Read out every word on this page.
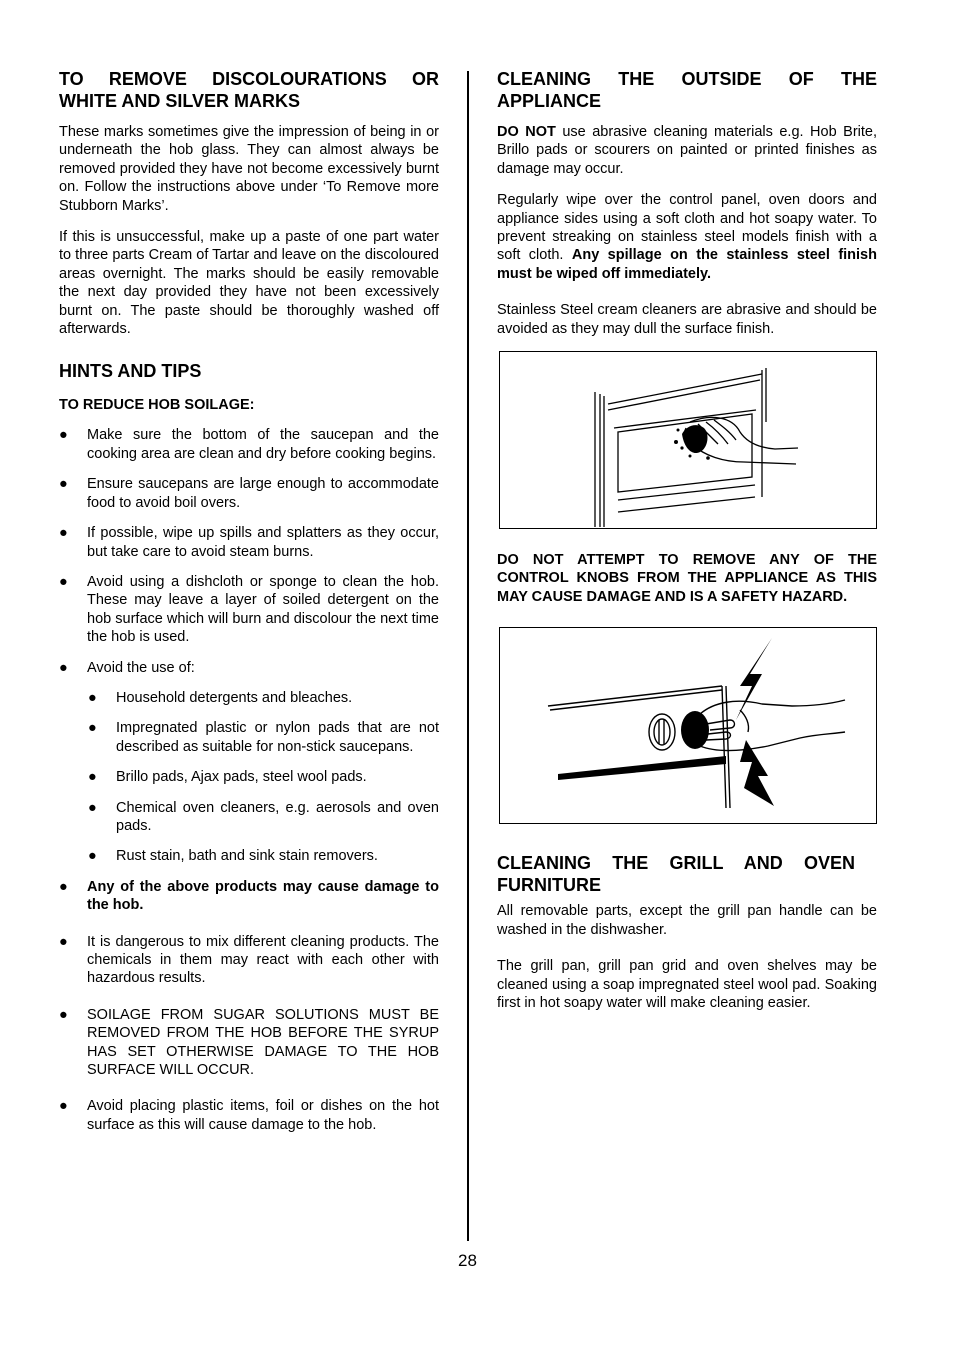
TO REMOVE DISCOLOURATIONS OR WHITE AND SILVER MARKS

These marks sometimes give the impression of being in or underneath the hob glass. They can almost always be removed provided they have not become excessively burnt on. Follow the instructions above under ‘To Remove more Stubborn Marks’.

If this is unsuccessful, make up a paste of one part water to three parts Cream of Tartar and leave on the discoloured areas overnight. The marks should be easily removable the next day provided they have not been excessively burnt on. The paste should be thoroughly washed off afterwards.

HINTS AND TIPS
TO REDUCE HOB SOILAGE:
● Make sure the bottom of the saucepan and the cooking area are clean and dry before cooking begins.
● Ensure saucepans are large enough to accommodate food to avoid boil overs.
● If possible, wipe up spills and splatters as they occur, but take care to avoid steam burns.
● Avoid using a dishcloth or sponge to clean the hob. These may leave a layer of soiled detergent on the hob surface which will burn and discolour the next time the hob is used.
● Avoid the use of:
● Household detergents and bleaches.
● Impregnated plastic or nylon pads that are not described as suitable for non-stick saucepans.
● Brillo pads, Ajax pads, steel wool pads.
● Chemical oven cleaners, e.g. aerosols and oven pads.
● Rust stain, bath and sink stain removers.
● Any of the above products may cause damage to the hob.
● It is dangerous to mix different cleaning products. The chemicals in them may react with each other with hazardous results.
● SOILAGE FROM SUGAR SOLUTIONS MUST BE REMOVED FROM THE HOB BEFORE THE SYRUP HAS SET OTHERWISE DAMAGE TO THE HOB SURFACE WILL OCCUR.
● Avoid placing plastic items, foil or dishes on the hot surface as this will cause damage to the hob.
CLEANING THE OUTSIDE OF THE APPLIANCE

DO NOT use abrasive cleaning materials e.g. Hob Brite, Brillo pads or scourers on painted or printed finishes as damage may occur.

Regularly wipe over the control panel, oven doors and appliance sides using a soft cloth and hot soapy water. To prevent streaking on stainless steel models finish with a soft cloth. Any spillage on the stainless steel finish must be wiped off immediately.

Stainless Steel cream cleaners are abrasive and should be avoided as they may dull the surface finish.

DO NOT ATTEMPT TO REMOVE ANY OF THE CONTROL KNOBS FROM THE APPLIANCE AS THIS MAY CAUSE DAMAGE AND IS A SAFETY HAZARD.

CLEANING THE GRILL AND OVEN FURNITURE

All removable parts, except the grill pan handle can be washed in the dishwasher.

The grill pan, grill pan grid and oven shelves may be cleaned using a soap impregnated steel wool pad. Soaking first in hot soapy water will make cleaning easier.

28
